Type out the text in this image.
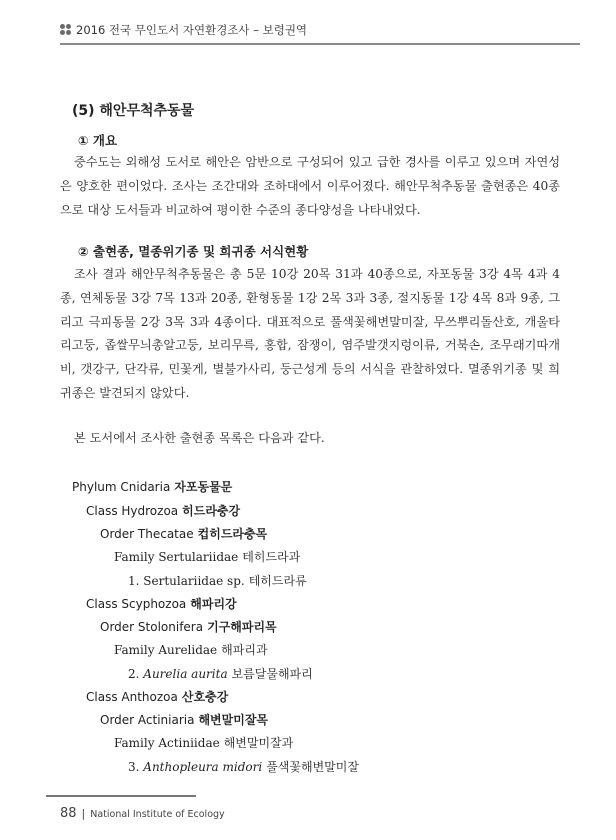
2016 전국 무인도서 자연환경조사 – 보령권역
(5) 해안무척추동물
① 개요

중수도는 외해성 도서로 해안은 암반으로 구성되어 있고 급한 경사를 이루고 있으며 자연성은 양호한 편이었다. 조사는 조간대와 조하대에서 이루어졌다. 해안무척추동물 출현종은 40종으로 대상 도서들과 비교하여 평이한 수준의 종다양성을 나타내었다.

② 출현종, 멸종위기종 및 희귀종 서식현황

조사 결과 해안무척추동물은 총 5문 10강 20목 31과 40종으로, 자포동물 3강 4목 4과 4종, 연체동물 3강 7목 13과 20종, 환형동물 1강 2목 3과 3종, 절지동물 1강 4목 8과 9종, 그리고 극피동물 2강 3목 3과 4종이다. 대표적으로 풀색꽃해변말미잘, 무쓰뿌리돌산호, 개울타리고둥, 좁쌀무늬총알고둥, 보리무륵, 홍합, 잠쟁이, 염주발갯지렁이류, 거북손, 조무래기따개비, 갯강구, 단각류, 민꽃게, 별불가사리, 둥근성게 등의 서식을 관찰하였다. 멸종위기종 및 희귀종은 발견되지 않았다.

본 도서에서 조사한 출현종 목록은 다음과 같다.

Phylum Cnidaria 자포동물문
Class Hydrozoa 히드라충강
Order Thecatae 컵히드라충목
Family Sertulariidae 테히드라과
1. Sertulariidae sp. 테히드라류
Class Scyphozoa 해파리강
Order Stolonifera 기구해파리목
Family Aurelidae 해파리과
2. Aurelia aurita 보름달물해파리
Class Anthozoa 산호충강
Order Actiniaria 해변말미잘목
Family Actiniidae 해변말미잘과
3. Anthopleura midori 풀색꽃해변말미잘
88 | National Institute of Ecology
